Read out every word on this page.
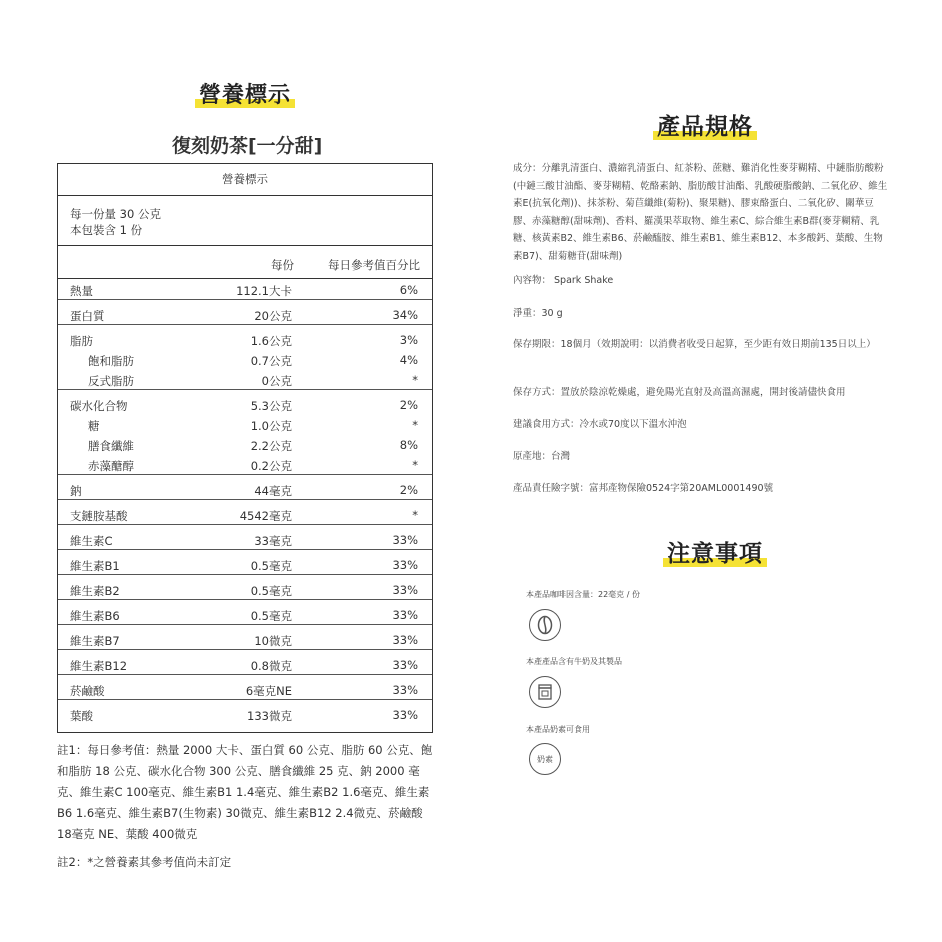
營養標示
復刻奶茶[一分甜]
營養標示
每一份量 30 公克
本包裝含 1 份
每份	每日參考值百分比
熱量	112.1大卡	6%
蛋白質	20公克	34%
脂肪	1.6公克	3%
飽和脂肪	0.7公克	4%
反式脂肪	0公克	*
碳水化合物	5.3公克	2%
糖	1.0公克	*
膳食纖維	2.2公克	8%
赤藻醣醇	0.2公克	*
鈉	44毫克	2%
支鏈胺基酸	4542毫克	*
維生素C	33毫克	33%
維生素B1	0.5毫克	33%
維生素B2	0.5毫克	33%
維生素B6	0.5毫克	33%
維生素B7	10微克	33%
維生素B12	0.8微克	33%
菸鹼酸	6毫克NE	33%
葉酸	133微克	33%
註1：每日參考值：熱量 2000 大卡、蛋白質 60 公克、脂肪 60 公克、飽和脂肪 18 公克、碳水化合物 300 公克、膳食纖維 25 克、鈉 2000 毫克、維生素C 100毫克、維生素B1 1.4毫克、維生素B2 1.6毫克、維生素B6 1.6毫克、維生素B7(生物素) 30微克、維生素B12 2.4微克、菸鹼酸 18毫克 NE、葉酸 400微克
註2：*之營養素其參考值尚未訂定
產品規格
成分：分離乳清蛋白、濃縮乳清蛋白、紅茶粉、蔗糖、難消化性麥芽糊精、中鏈脂肪酸粉(中鏈三酸甘油酯、麥芽糊精、乾酪素鈉、脂肪酸甘油酯、乳酸硬脂酸鈉、二氧化矽、維生素E(抗氧化劑))、抹茶粉、菊苣纖維(菊粉)、聚果糖)、膠束酪蛋白、二氧化矽、關華豆膠、赤藻糖醇(甜味劑)、香料、羅漢果萃取物、維生素C、綜合維生素B群(麥芽糊精、乳糖、核黃素B2、維生素B6、菸鹼醯胺、維生素B1、維生素B12、本多酸鈣、葉酸、生物素B7)、甜菊糖苷(甜味劑)
內容物： Spark Shake
淨重：30 g
保存期限：18個月（效期說明：以消費者收受日起算，至少距有效日期前135日以上）
保存方式：置放於陰涼乾燥處，避免陽光直射及高溫高濕處，開封後請儘快食用
建議食用方式：冷水或70度以下溫水沖泡
原產地：台灣
產品責任險字號：富邦產物保險0524字第20AML0001490號
注意事項
本產品咖啡因含量：22毫克 / 份
本產產品含有牛奶及其製品
本產品奶素可食用
奶素
